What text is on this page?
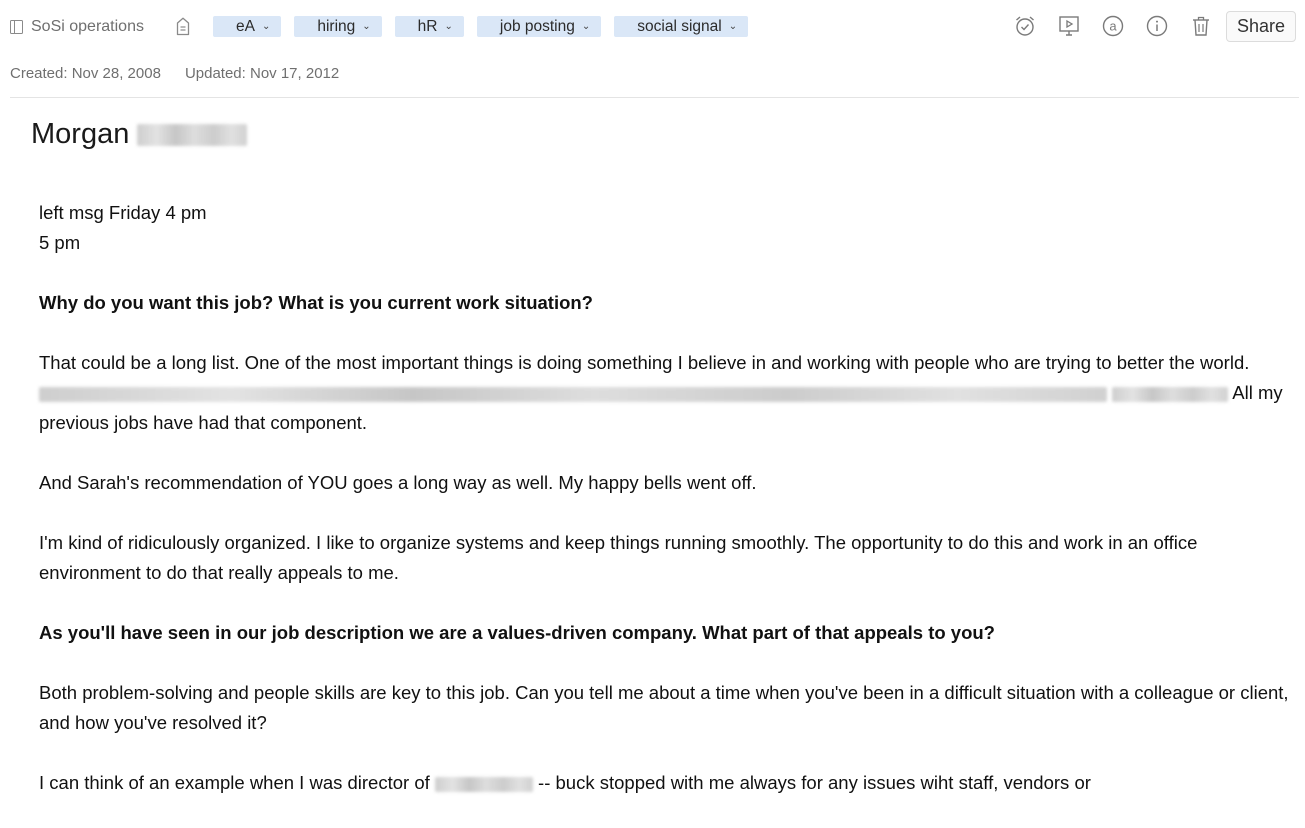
SoSi operations	eA ⌄	hiring ⌄	hR ⌄	job posting ⌄	social signal ⌄	a	Share
Created: Nov 28, 2008 Updated: Nov 17, 2012
Morgan

left msg Friday 4 pm
5 pm

Why do you want this job? What is you current work situation?

That could be a long list. One of the most important things is doing something I believe in and working with people who are trying to better the world.   All my previous jobs have had that component.

And Sarah's recommendation of YOU goes a long way as well. My happy bells went off.

I'm kind of ridiculously organized. I like to organize systems and keep things running smoothly. The opportunity to do this and work in an office environment to do that really appeals to me.

As you'll have seen in our job description we are a values-driven company. What part of that appeals to you?

Both problem-solving and people skills are key to this job. Can you tell me about a time when you've been in a difficult situation with a colleague or client, and how you've resolved it?

I can think of an example when I was director of	-- buck stopped with me always for any issues wiht staff, vendors or
